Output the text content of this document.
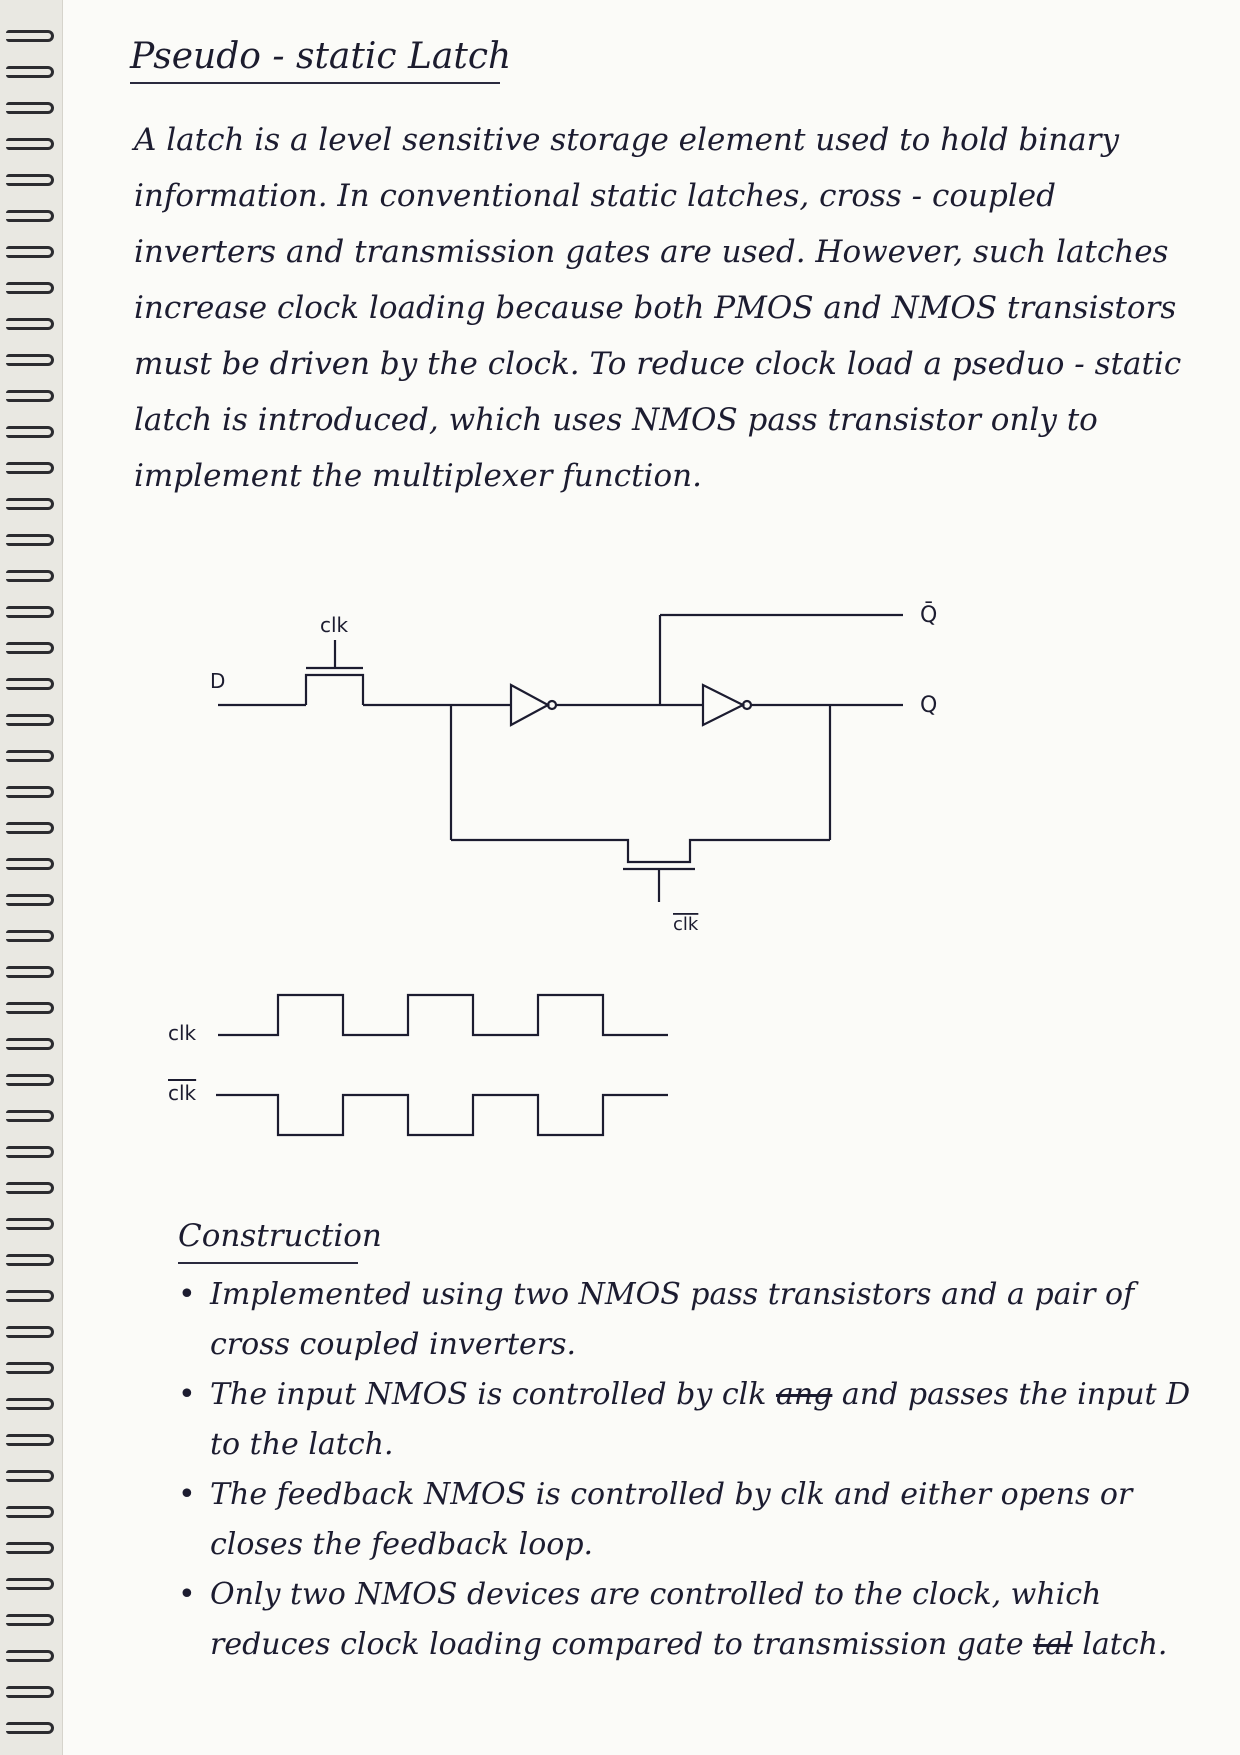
Pseudo - static Latch
A latch is a level sensitive storage element used to hold binary information. In conventional static latches, cross - coupled inverters and transmission gates are used. However, such latches increase clock loading because both PMOS and NMOS transistors must be driven by the clock. To reduce clock load a pseduo - static latch is introduced, which uses NMOS pass transistor only to implement the multiplexer function.
D
clk	Q̄
Q
clk
clk
clk
Construction
• Implemented using two NMOS pass transistors and a pair of cross coupled inverters.
• The input NMOS is controlled by clk ang and passes the input D to the latch.
• The feedback NMOS is controlled by clk and either opens or closes the feedback loop.
• Only two NMOS devices are controlled to the clock, which reduces clock loading compared to transmission gate tal latch.
